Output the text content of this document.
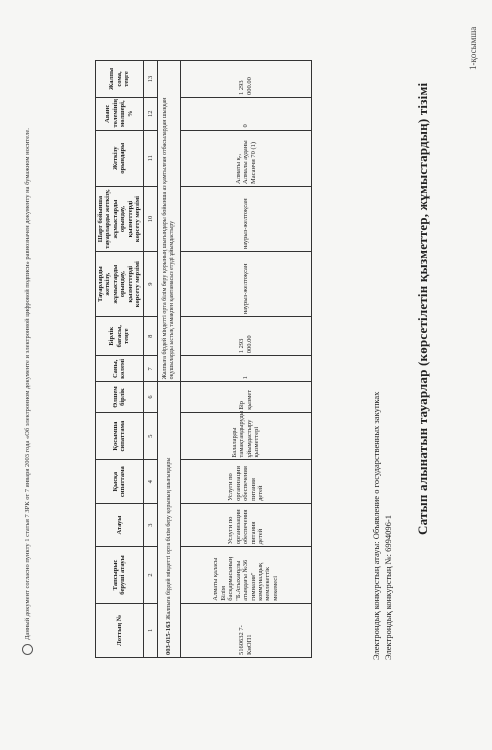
1-қосымша
Сатып алынатын тауарлар (көрсетілетін қызметтер, жұмыстардың) тізімі
Электрондық конкурстың №: 6994096-1
Электрондық конкурстың атауы: Объявление о государственных закупках
Лоттың №	Тапсырыс берушi атауы	Атауы	Қысқа сипаттама	Қосымша сипаттама	Өлшем бірлік	Саны, көлемі	Бірлік бағасы, теңге	Тауарларды жеткізу, жұмыстарды орындау, қызметтерді көрсету мерзімі	Шарт бойынша тауарларды жеткізу, жұмыстарды орындау, қызметтерді көрсету мерзімі	Жеткізу орындары	Аванс төлемінің мөлшері, %	Жалпы сома, теңге
1	2	3	4	5	6	7	8	9	10	11	12	13
003-015-163 Жалпыға бірдей міндетті орта білім беру қорының шығындары						Жалпыға бірдей міндетті орта білім беру қорының шығындары бойынша аз қамтылған отбасылардан шыққан оқушыларды ыстық тамақпен қамтамасыз етуді ұйымдастыру						
5160632 7-КнОП1	Алматы қаласы Білім басқармасының "Б.Атыханұлы атындағы №36 гимназия" коммуналдық мемлекеттік мекемесі	Услуги по организации обеспечения питания детей	Услуги по организации обеспечения питания детей	Балаларды тамақтандыруды ұйымдастыру қызметтері	Бір қызмет	1	1 293 000.00	наурыз-желтоқсан	наурыз-желтоқсан	Алматы қ., Алмалы ауданы Масанчи 70 (1)	0	1 293 000.00
Данный документ согласно пункту 1 статьи 7 ЗРК от 7 января 2003 года «Об электронном документе и электронной цифровой подписи» равнозначен документу на бумажном носителе.
